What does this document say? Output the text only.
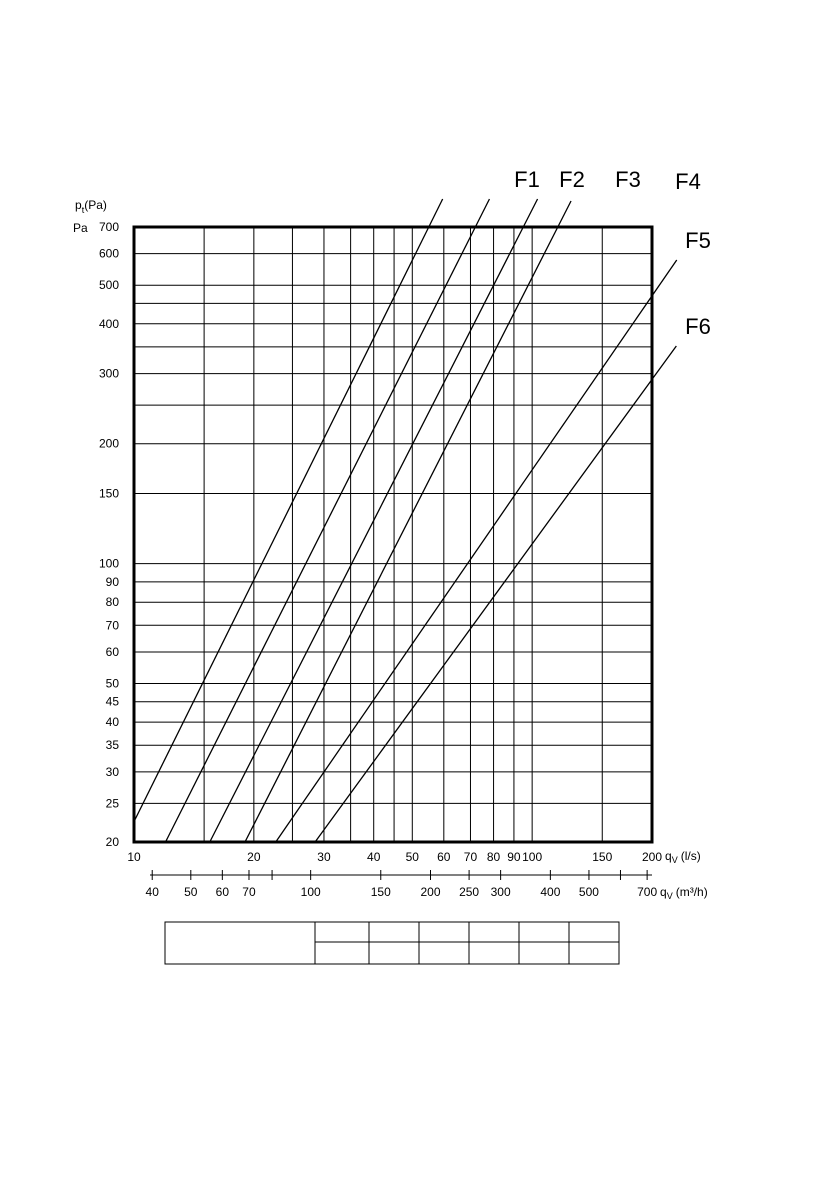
F1 F2 F3 F4
F5
F6
20
25
30
35
40
45
50
60
70
80
90
100
150
200
300
400
500
600
700
10	20	30	40 50 60 70 80 90 100	150 200
40 50 60 70	100	150 200 250 300 400 500	700
$p_t(Pa)$
Pa
$q_V$ (l/s)
$q_V$ (m³/h)
